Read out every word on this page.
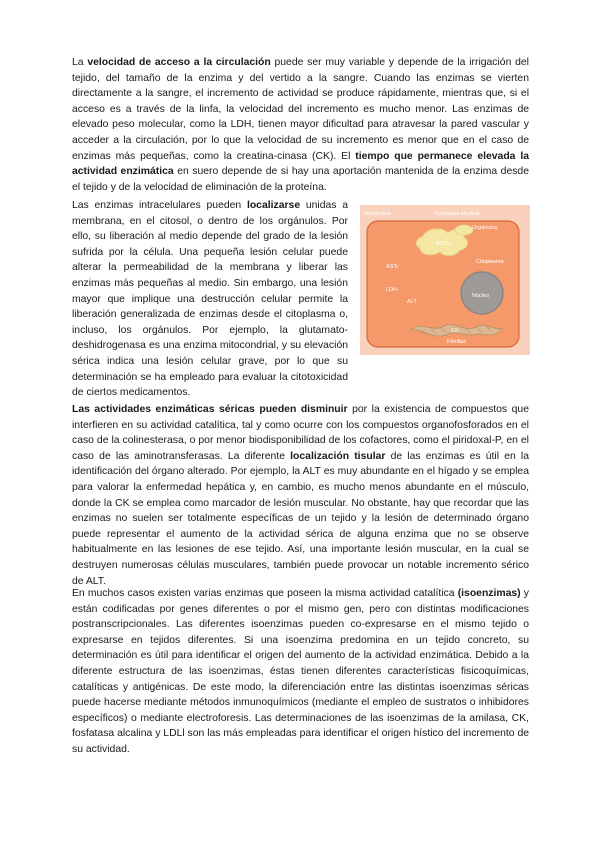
La velocidad de acceso a la circulación puede ser muy variable y depende de la irrigación del tejido, del tamaño de la enzima y del vertido a la sangre. Cuando las enzimas se vierten directamente a la sangre, el incremento de actividad se produce rápidamente, mientras que, si el acceso es a través de la linfa, la velocidad del incremento es mucho menor. Las enzimas de elevado peso molecular, como la LDH, tienen mayor dificultad para atravesar la pared vascular y acceder a la circulación, por lo que la velocidad de su incremento es menor que en el caso de enzimas más pequeñas, como la creatina-cinasa (CK). El tiempo que permanece elevada la actividad enzimática en suero depende de si hay una aportación mantenida de la enzima desde el tejido y de la velocidad de eliminación de la proteína.

Las enzimas intracelulares pueden localizarse unidas a membrana, en el citosol, o dentro de los orgánulos. Por ello, su liberación al medio depende del grado de la lesión sufrida por la célula. Una pequeña lesión celular puede alterar la permeabilidad de la membrana y liberar las enzimas más pequeñas al medio. Sin embargo, una lesión mayor que implique una destrucción celular permite la liberación generalizada de enzimas desde el citoplasma o, incluso, los orgánulos. Por ejemplo, la glutamato-deshidrogenasa es una enzima mitocondrial, y su elevación sérica indica una lesión celular grave, por lo que su determinación se ha empleado para evaluar la citotoxicidad de ciertos medicamentos.

Membrana	Fosfatasa alcalina
Orgánulos
ASTm
ASTc
Citoplasma
LDH
ALT
Núcleo
CK
Fibrillas

Las actividades enzimáticas séricas pueden disminuir por la existencia de compuestos que interfieren en su actividad catalítica, tal y como ocurre con los compuestos organofosforados en el caso de la colinesterasa, o por menor biodisponibilidad de los cofactores, como el piridoxal-P, en el caso de las aminotransferasas. La diferente localización tisular de las enzimas es útil en la identificación del órgano alterado. Por ejemplo, la ALT es muy abundante en el hígado y se emplea para valorar la enfermedad hepática y, en cambio, es mucho menos abundante en el músculo, donde la CK se emplea como marcador de lesión muscular. No obstante, hay que recordar que las enzimas no suelen ser totalmente específicas de un tejido y la lesión de determinado órgano puede representar el aumento de la actividad sérica de alguna enzima que no se observe habitualmente en las lesiones de ese tejido. Así, una importante lesión muscular, en la cual se destruyen numerosas células musculares, también puede provocar un notable incremento sérico de ALT.

En muchos casos existen varias enzimas que poseen la misma actividad catalítica (isoenzimas) y están codificadas por genes diferentes o por el mismo gen, pero con distintas modificaciones postranscripcionales. Las diferentes isoenzimas pueden co-expresarse en el mismo tejido o expresarse en tejidos diferentes. Si una isoenzima predomina en un tejido concreto, su determinación es útil para identificar el origen del aumento de la actividad enzimática. Debido a la diferente estructura de las isoenzimas, éstas tienen diferentes características fisicoquímicas, catalíticas y antigénicas. De este modo, la diferenciación entre las distintas isoenzimas séricas puede hacerse mediante métodos inmunoquímicos (mediante el empleo de sustratos o inhibidores específicos) o mediante electroforesis. Las determinaciones de las isoenzimas de la amilasa, CK, fosfatasa alcalina y LDLl son las más empleadas para identificar el origen hístico del incremento de su actividad.
